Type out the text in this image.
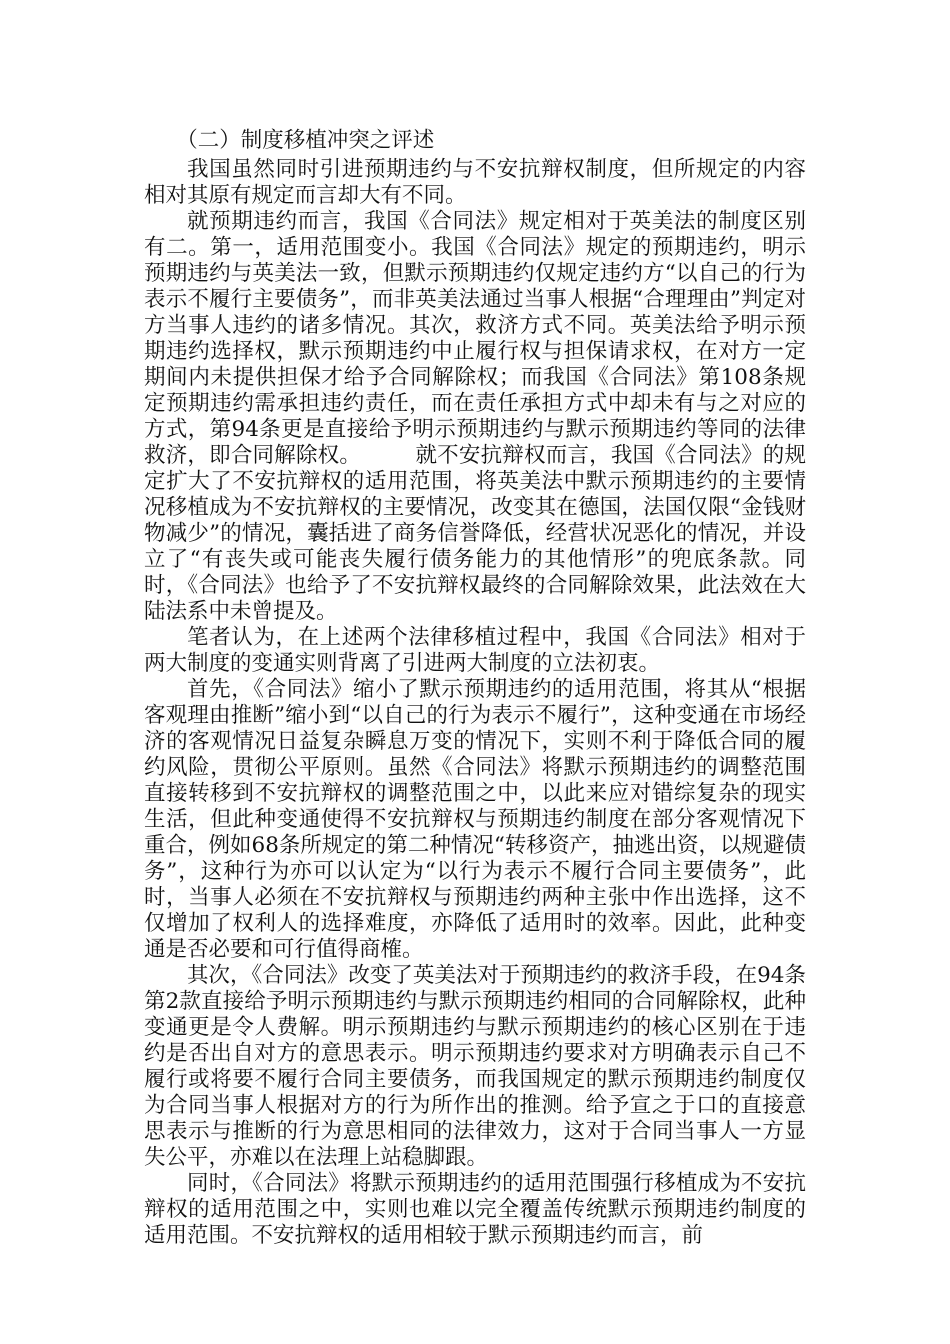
（二）制度移植冲突之评述

我国虽然同时引进预期违约与不安抗辩权制度，但所规定的内容相对其原有规定而言却大有不同。

就预期违约而言，我国《合同法》规定相对于英美法的制度区别有二。第一，适用范围变小。我国《合同法》规定的预期违约，明示预期违约与英美法一致，但默示预期违约仅规定违约方“以自己的行为表示不履行主要债务”，而非英美法通过当事人根据“合理理由”判定对方当事人违约的诸多情况。其次，救济方式不同。英美法给予明示预期违约选择权，默示预期违约中止履行权与担保请求权，在对方一定期间内未提供担保才给予合同解除权；而我国《合同法》第108条规定预期违约需承担违约责任，而在责任承担方式中却未有与之对应的方式，第94条更是直接给予明示预期违约与默示预期违约等同的法律救济，即合同解除权。　　　就不安抗辩权而言，我国《合同法》的规定扩大了不安抗辩权的适用范围，将英美法中默示预期违约的主要情况移植成为不安抗辩权的主要情况，改变其在德国，法国仅限“金钱财物减少”的情况，囊括进了商务信誉降低，经营状况恶化的情况，并设立了“有丧失或可能丧失履行债务能力的其他情形”的兜底条款。同时，《合同法》也给予了不安抗辩权最终的合同解除效果，此法效在大陆法系中未曾提及。

笔者认为，在上述两个法律移植过程中，我国《合同法》相对于两大制度的变通实则背离了引进两大制度的立法初衷。

首先，《合同法》缩小了默示预期违约的适用范围，将其从“根据客观理由推断”缩小到“以自己的行为表示不履行”，这种变通在市场经济的客观情况日益复杂瞬息万变的情况下，实则不利于降低合同的履约风险，贯彻公平原则。虽然《合同法》将默示预期违约的调整范围直接转移到不安抗辩权的调整范围之中，以此来应对错综复杂的现实生活，但此种变通使得不安抗辩权与预期违约制度在部分客观情况下重合，例如68条所规定的第二种情况“转移资产，抽逃出资，以规避债务”，这种行为亦可以认定为“以行为表示不履行合同主要债务”，此时，当事人必须在不安抗辩权与预期违约两种主张中作出选择，这不仅增加了权利人的选择难度，亦降低了适用时的效率。因此，此种变通是否必要和可行值得商榷。

其次，《合同法》改变了英美法对于预期违约的救济手段，在94条第2款直接给予明示预期违约与默示预期违约相同的合同解除权，此种变通更是令人费解。明示预期违约与默示预期违约的核心区别在于违约是否出自对方的意思表示。明示预期违约要求对方明确表示自己不履行或将要不履行合同主要债务，而我国规定的默示预期违约制度仅为合同当事人根据对方的行为所作出的推测。给予宣之于口的直接意思表示与推断的行为意思相同的法律效力，这对于合同当事人一方显失公平，亦难以在法理上站稳脚跟。

同时，《合同法》将默示预期违约的适用范围强行移植成为不安抗辩权的适用范围之中，实则也难以完全覆盖传统默示预期违约制度的适用范围。不安抗辩权的适用相较于默示预期违约而言，前
